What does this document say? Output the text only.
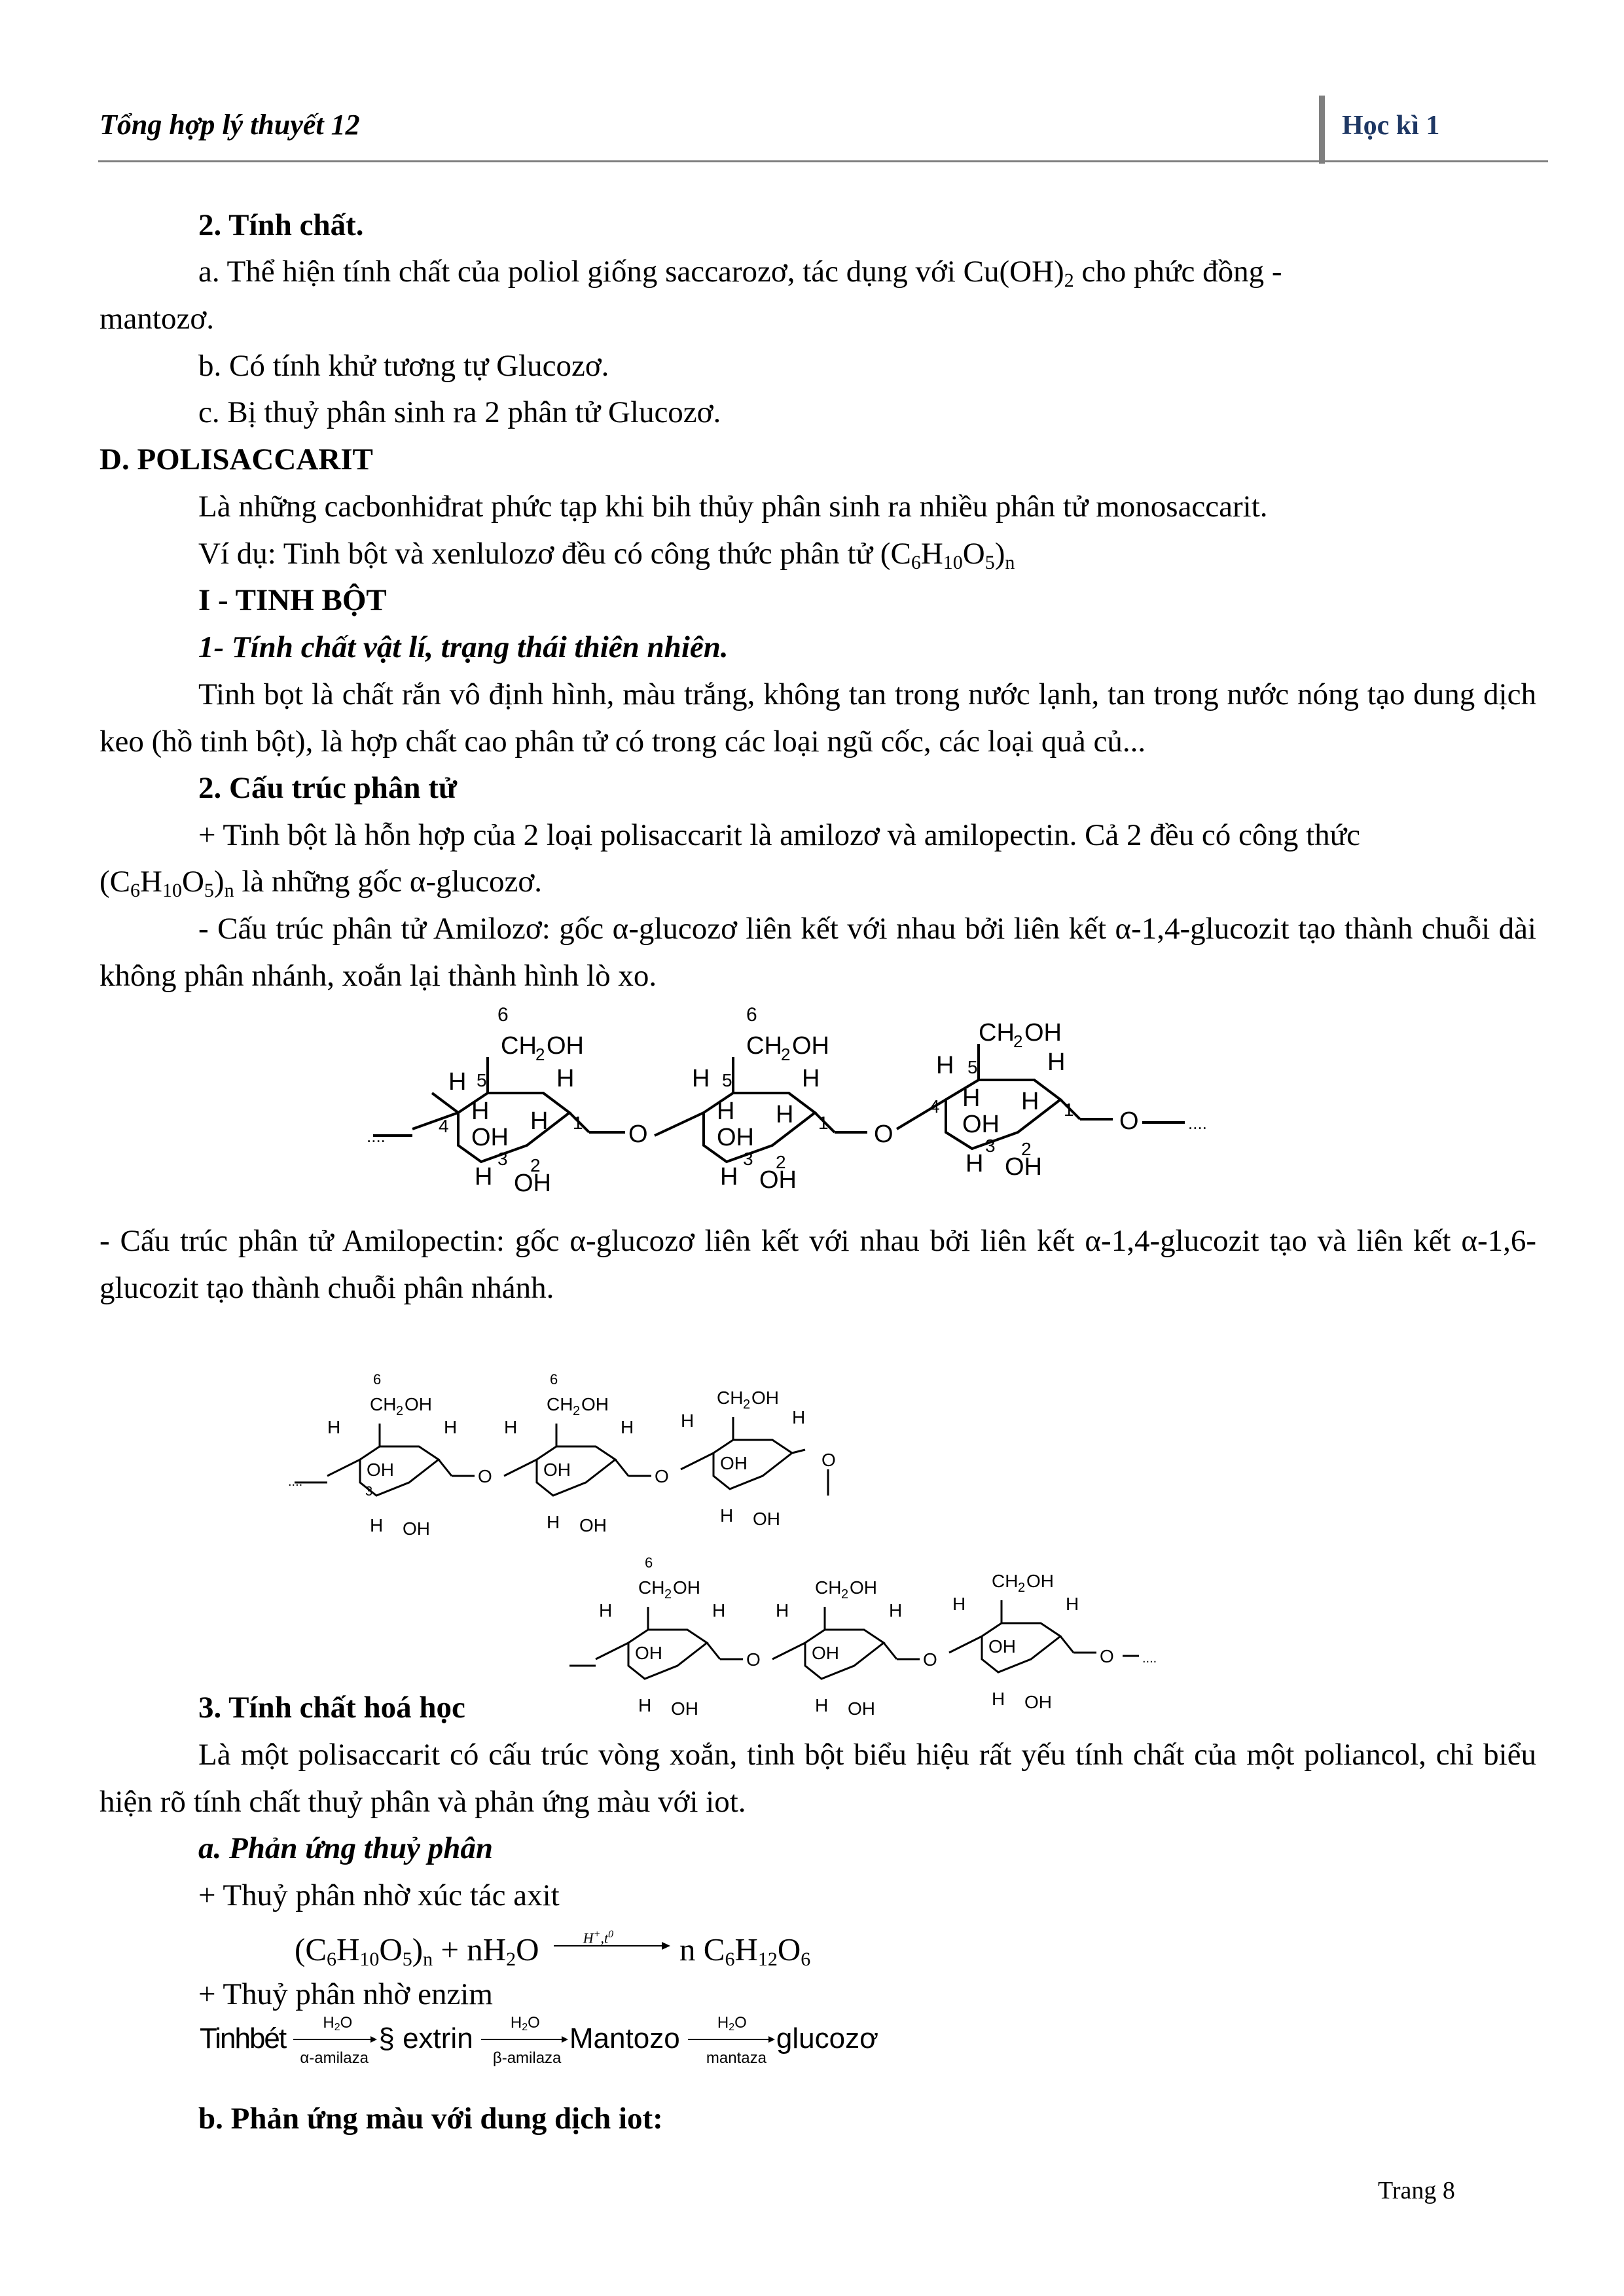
Tổng hợp lý thuyết 12	Học kì 1
2. Tính chất.
a. Thể hiện tính chất của poliol giống saccarozơ, tác dụng với $Cu(OH)_2$ cho phức đồng -
mantozơ.
b. Có tính khử tương tự Glucozơ.
c. Bị thuỷ phân sinh ra 2 phân tử Glucozơ.
D. POLISACCARIT
Là những cacbonhiđrat phức tạp khi bih thủy phân sinh ra nhiều phân tử monosaccarit.
Ví dụ: Tinh bột và xenlulozơ đều có công thức phân tử $(C_6H_{10}O_5)_n$
I - TINH BỘT
1- Tính chất vật lí, trạng thái thiên nhiên.
Tinh bọt là chất rắn vô định hình, màu trắng, không tan trong nước lạnh, tan trong nước nóng tạo dung dịch keo (hồ tinh bột), là hợp chất cao phân tử có trong các loại ngũ cốc, các loại quả củ...
2. Cấu trúc phân tử
+ Tinh bột là hỗn hợp của 2 loại polisaccarit là amilozơ và amilopectin. Cả 2 đều có công thức
$(C_6H_{10}O_5)_n$ là những gốc α-glucozơ.
- Cấu trúc phân tử Amilozơ: gốc α-glucozơ liên kết với nhau bởi liên kết α-1,4-glucozit tạo thành chuỗi dài không phân nhánh, xoắn lại thành hình lò xo.
6
CH
2 OH
5
H
H
OH
H
H
4	1
3 2
H OH
O
....
6
CH
2 OH
5
H
H
OH
H
H 1
3 2
H OH
O
CH
2 OH
5
H
H
OH
H
H
4	1
3 2
H OH
O	....
- Cấu trúc phân tử Amilopectin: gốc α-glucozơ liên kết với nhau bởi liên kết α-1,4-glucozit tạo và liên kết α-1,6-glucozit tạo thành chuỗi phân nhánh.
6
CH 2 OH
H	H
OH
3
H OH
O
....
6
CH 2 OH
H	H
OH
H OH
O
CH 2 OH
H	H
OH
H OH
O
6
CH 2 OH
H	H
OH
H OH
O
CH 2 OH
H	H
OH
H OH
O
CH 2 OH
H	H
OH
H OH
O ....
3. Tính chất hoá học
Là một polisaccarit có cấu trúc vòng xoắn, tinh bột biểu hiệu rất yếu tính chất của một poliancol, chỉ biểu hiện rõ tính chất thuỷ phân và phản ứng màu với iot.
a. Phản ứng thuỷ phân
+ Thuỷ phân nhờ xúc tác axit
$(C_6H_{10}O_5)_n + nH_2O$	$H^+,t^0$ n $C_6H_{12}O_6$
+ Thuỷ phân nhờ enzim
Tinhbét $H_2O$
α-amilaza
§ extrin $H_2O$
β-amilaza
Mantozo $H_2O$
mantaza
glucozơ
b. Phản ứng màu với dung dịch iot:
Trang 8
